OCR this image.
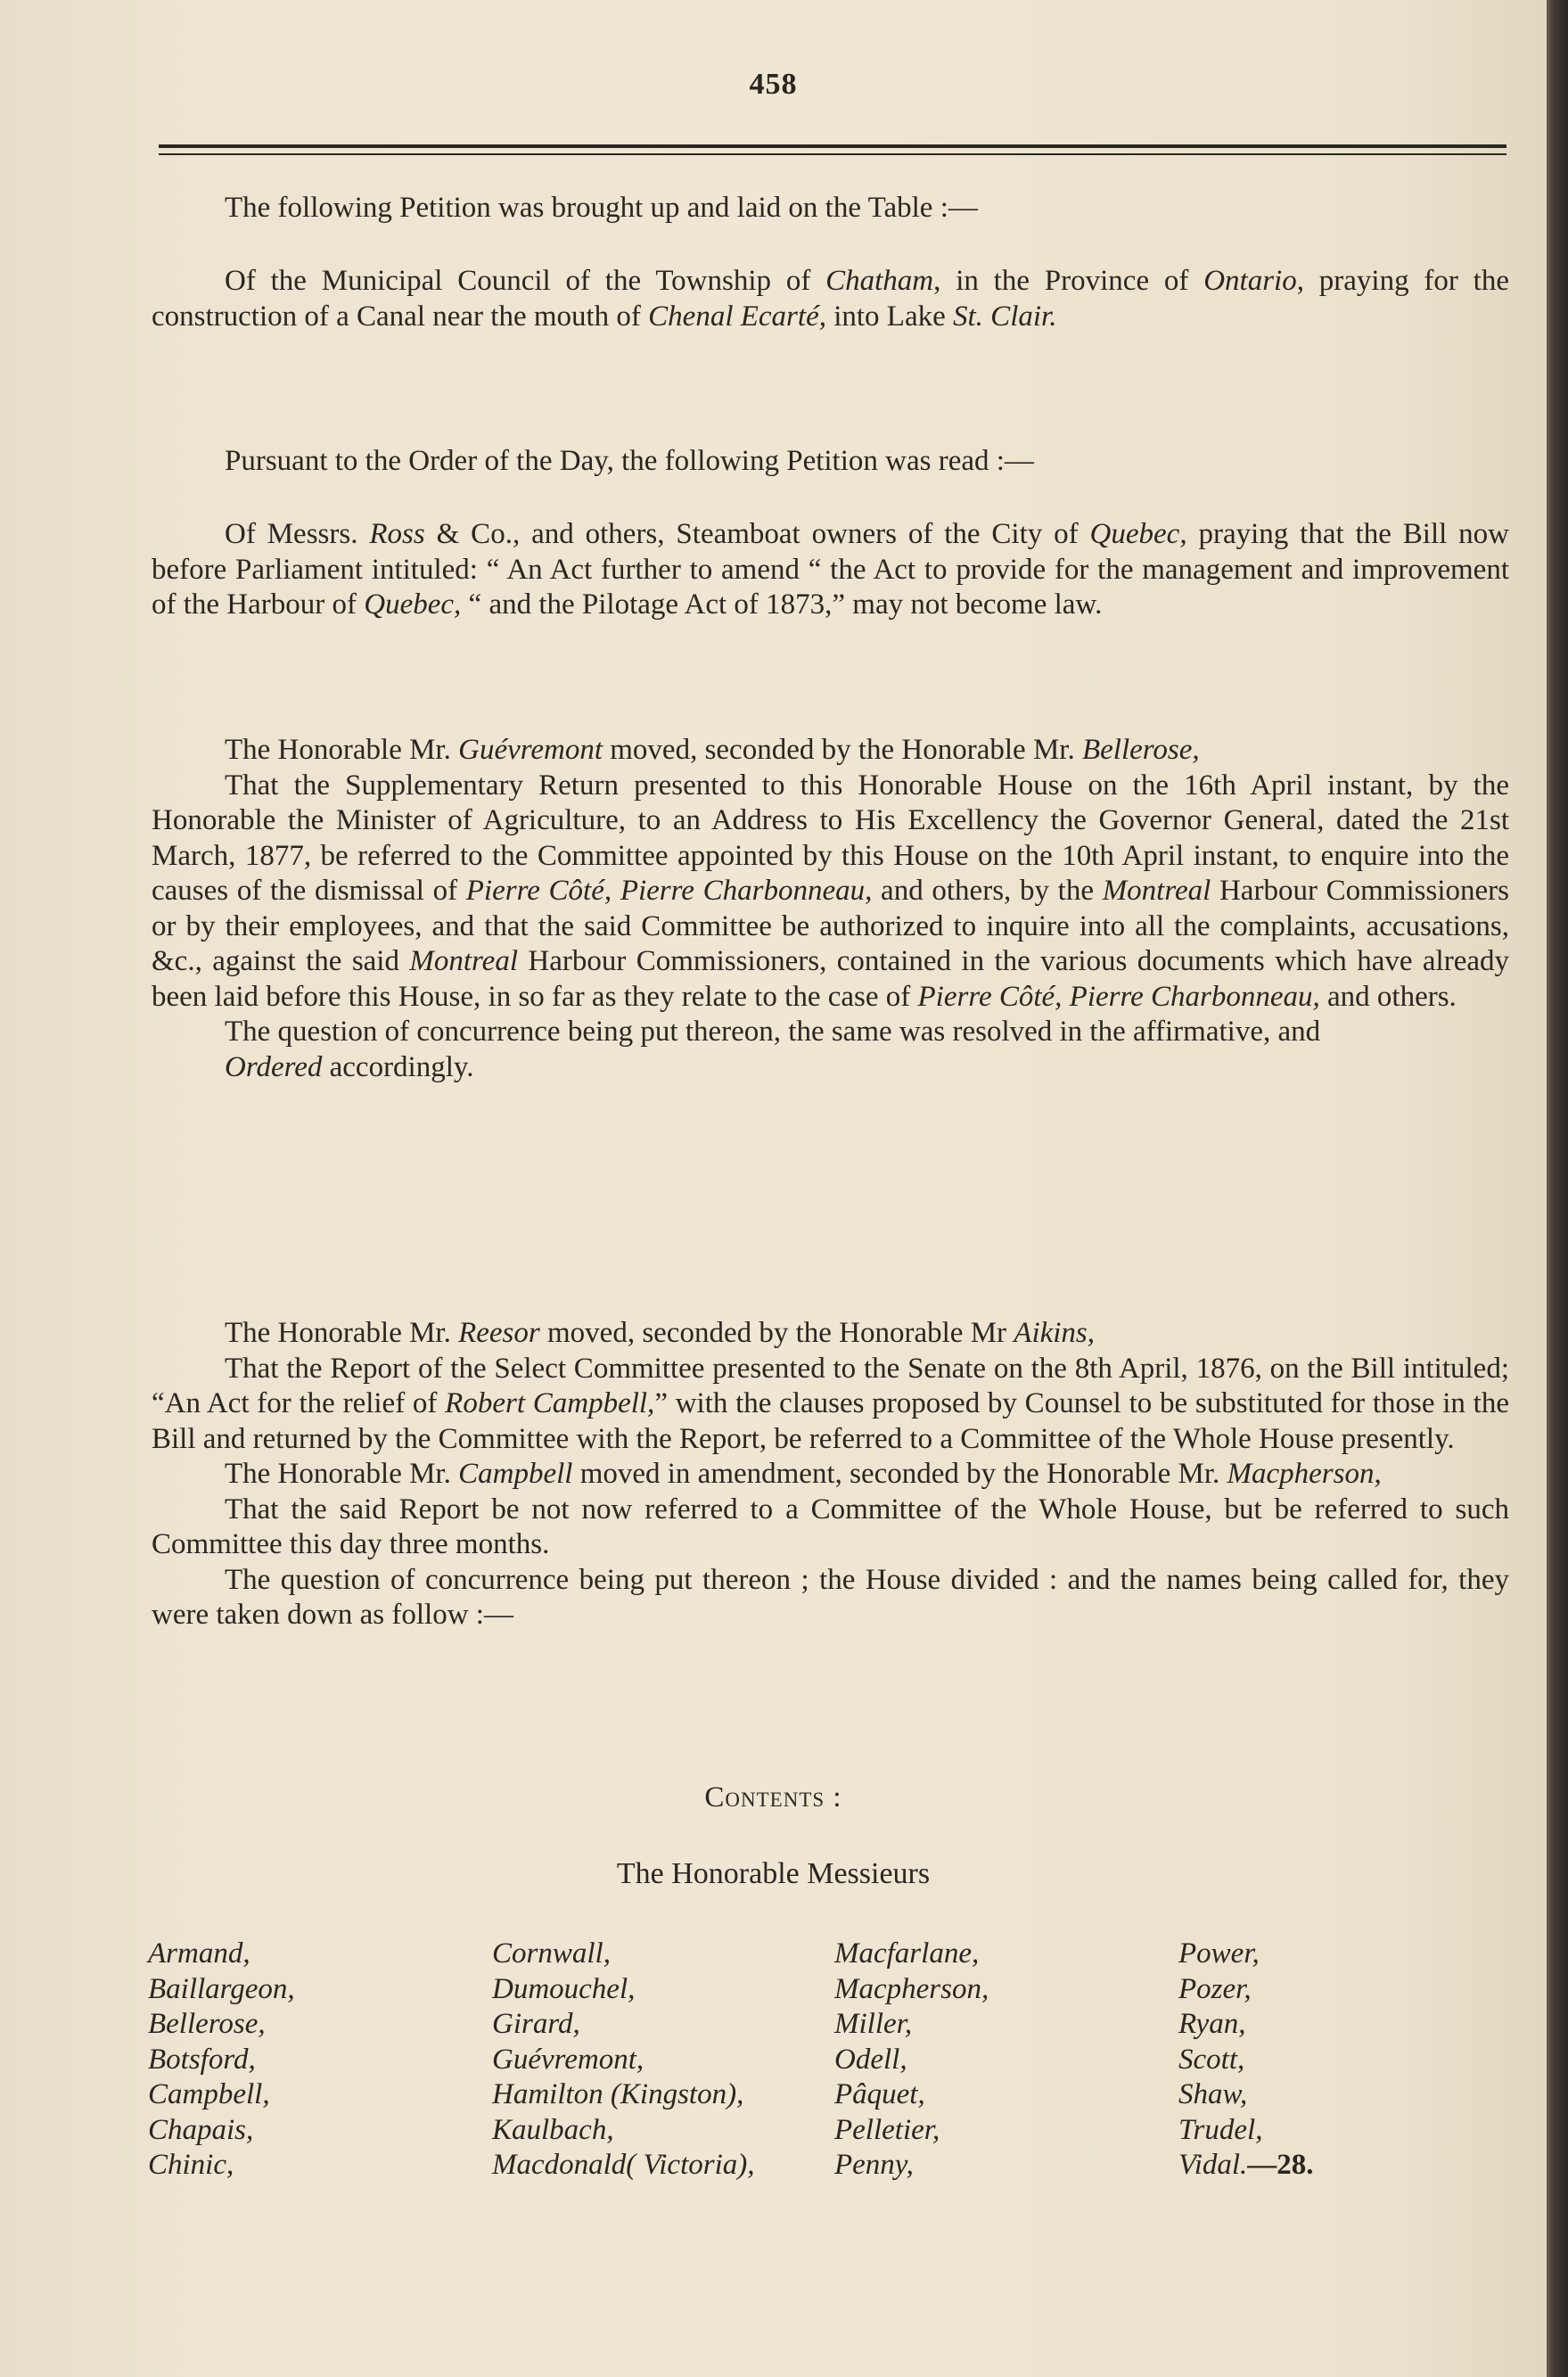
458

The following Petition was brought up and laid on the Table :—

Of the Municipal Council of the Township of Chatham, in the Province of Ontario, praying for the construction of a Canal near the mouth of Chenal Ecarté, into Lake St. Clair.

Pursuant to the Order of the Day, the following Petition was read :—

Of Messrs. Ross & Co., and others, Steamboat owners of the City of Quebec, praying that the Bill now before Parliament intituled: “ An Act further to amend “ the Act to provide for the management and improvement of the Harbour of Quebec, “ and the Pilotage Act of 1873,” may not become law.

The Honorable Mr. Guévremont moved, seconded by the Honorable Mr. Bellerose,

That the Supplementary Return presented to this Honorable House on the 16th April instant, by the Honorable the Minister of Agriculture, to an Address to His Excellency the Governor General, dated the 21st March, 1877, be referred to the Committee appointed by this House on the 10th April instant, to enquire into the causes of the dismissal of Pierre Côté, Pierre Charbonneau, and others, by the Montreal Harbour Commissioners or by their employees, and that the said Committee be authorized to inquire into all the complaints, accusations, &c., against the said Montreal Harbour Commissioners, contained in the various documents which have already been laid before this House, in so far as they relate to the case of Pierre Côté, Pierre Charbonneau, and others.

The question of concurrence being put thereon, the same was resolved in the affirmative, and

Ordered accordingly.

The Honorable Mr. Reesor moved, seconded by the Honorable Mr Aikins,

That the Report of the Select Committee presented to the Senate on the 8th April, 1876, on the Bill intituled; “An Act for the relief of Robert Campbell,” with the clauses proposed by Counsel to be substituted for those in the Bill and returned by the Committee with the Report, be referred to a Committee of the Whole House presently.

The Honorable Mr. Campbell moved in amendment, seconded by the Honorable Mr. Macpherson,

That the said Report be not now referred to a Committee of the Whole House, but be referred to such Committee this day three months.

The question of concurrence being put thereon ; the House divided : and the names being called for, they were taken down as follow :—

Contents :
The Honorable Messieurs
Armand,
Baillargeon,
Bellerose,
Botsford,
Campbell,
Chapais,
Chinic,
Cornwall,
Dumouchel,
Girard,
Guévremont,
Hamilton (Kingston),
Kaulbach,
Macdonald( Victoria),
Macfarlane,
Macpherson,
Miller,
Odell,
Pâquet,
Pelletier,
Penny,
Power,
Pozer,
Ryan,
Scott,
Shaw,
Trudel,
Vidal.—28.
